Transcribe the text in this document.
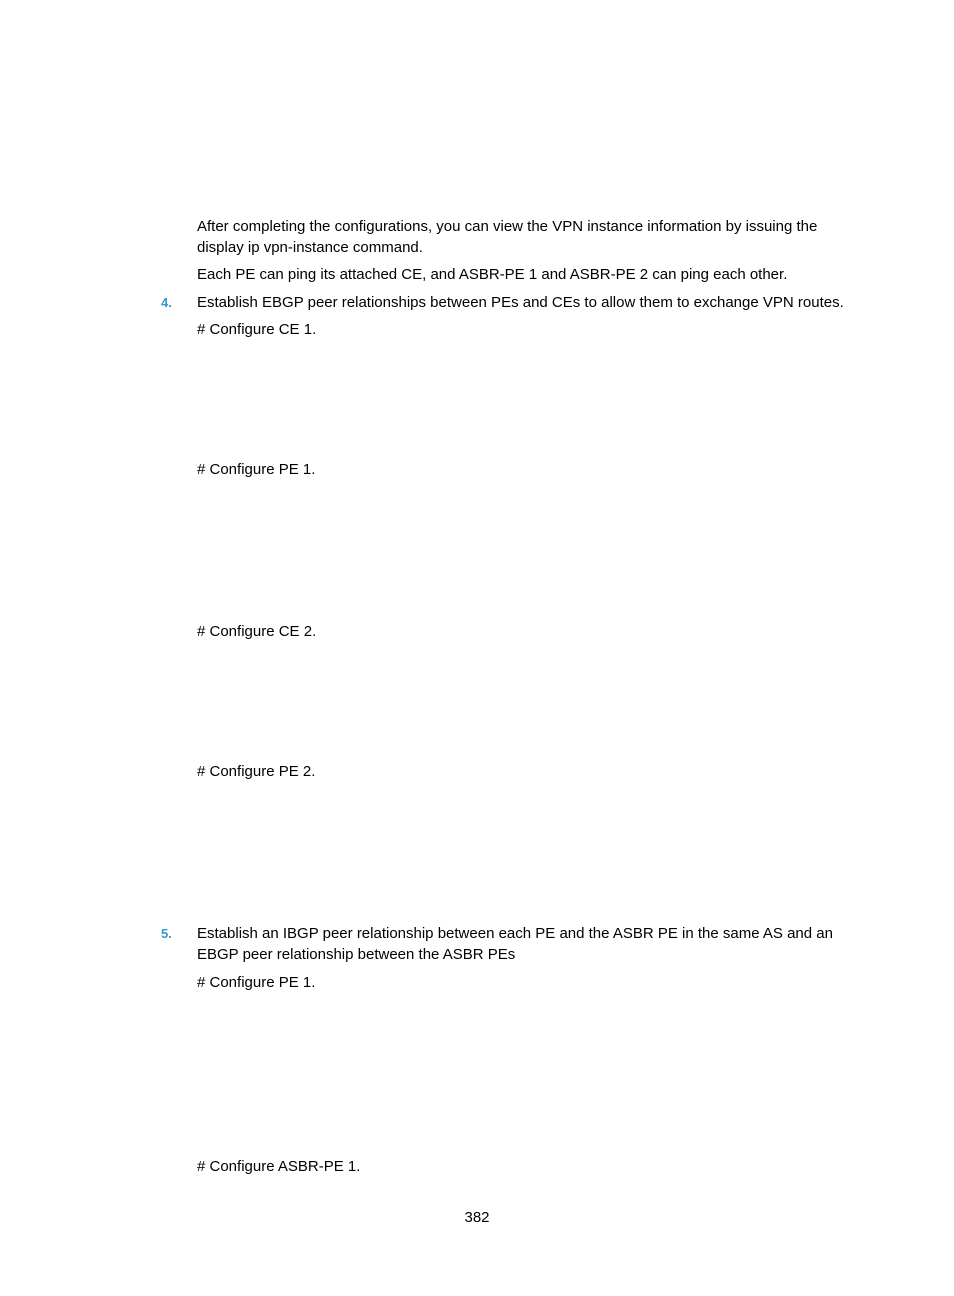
After completing the configurations, you can view the VPN instance information by issuing the
display ip vpn-instance command.
Each PE can ping its attached CE, and ASBR-PE 1 and ASBR-PE 2 can ping each other.
4. Establish EBGP peer relationships between PEs and CEs to allow them to exchange VPN routes.
# Configure CE 1.
# Configure PE 1.
# Configure CE 2.
# Configure PE 2.
5. Establish an IBGP peer relationship between each PE and the ASBR PE in the same AS and an
EBGP peer relationship between the ASBR PEs
# Configure PE 1.
# Configure ASBR-PE 1.
382
